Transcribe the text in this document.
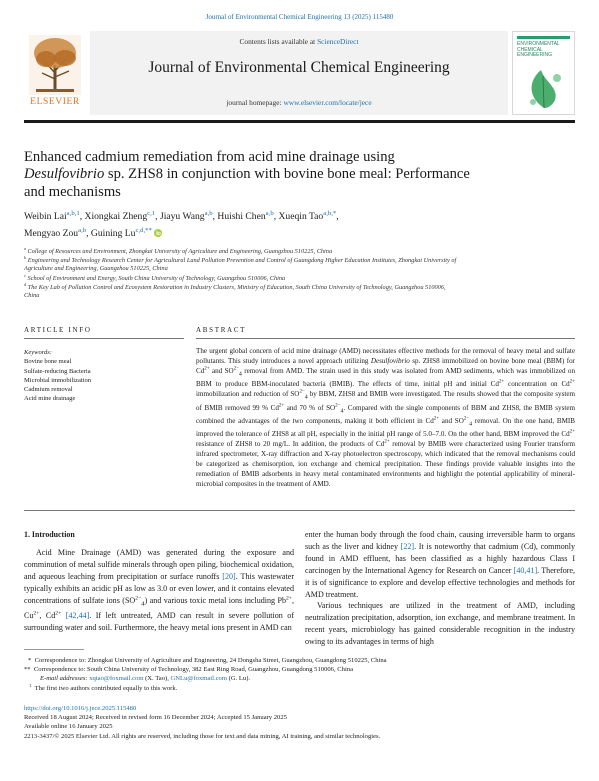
Journal of Environmental Chemical Engineering 13 (2025) 115480
ELSEVIER
Contents lists available at ScienceDirect
Journal of Environmental Chemical Engineering
journal homepage: www.elsevier.com/locate/jece
ENVIRONMENTAL
CHEMICAL
ENGINEERING
Enhanced cadmium remediation from acid mine drainage using
Desulfovibrio sp. ZHS8 in conjunction with bovine bone meal: Performance
and mechanisms
Weibin Lai$^{a,b,1}$, Xiongkai Zheng$^{c,1}$, Jiayu Wang$^{a,b}$, Huishi Chen$^{a,b}$, Xueqin Tao$^{a,b,*}$,
Mengyao Zou$^{a,b}$, Guining $Lu^{c,d,**}$
$^a$ College of Resources and Environment, Zhongkai University of Agriculture and Engineering, Guangzhou 510225, China
$^b$ Engineering and Technology Research Center for Agricultural Land Pollution Prevention and Control of Guangdong Higher Education Institutes, Zhongkai University of
Agriculture and Engineering, Guangzhou 510225, China
$^c$ School of Environment and Energy, South China University of Technology, Guangzhou 510006, China
$^d$ The Key Lab of Pollution Control and Ecosystem Restoration in Industry Clusters, Ministry of Education, South China University of Technology, Guangzhou 510006,
China
ARTICLE INFO	ABSTRACT
Keywords:
Bovine bone meal
Sulfate-reducing Bacteria
Microbial immobilization
Cadmium removal
Acid mine drainage
The urgent global concern of acid mine drainage (AMD) necessitates effective methods for the removal of heavy metal and sulfate pollutants. This study introduces a novel approach utilizing Desulfovibrio sp. ZHS8 immobilized on bovine bone meal (BBM) for $Cd^{2+}$ and $SO^{2-}_4$ removal from AMD. The strain used in this study was isolated from AMD sediments, which was immobilized on BBM to produce BBM-inoculated bacteria (BMIB). The effects of time, initial pH and initial $Cd^{2+}$ concentration on $Cd^{2+}$ immobilization and reduction of $SO^{2-}_4$ by BBM, ZHS8 and BMIB were investigated. The results showed that the composite system of BMIB removed 99 % $Cd^{2+}$ and 70 % of $SO^{2-}_4$. Compared with the single components of BBM and ZHS8, the BMIB system combined the advantages of the two components, making it both efficient in $Cd^{2+}$ and $SO^{2-}_4$ removal. On the one hand, BMIB improved the tolerance of ZHS8 at all pH, especially in the initial pH range of 5.0–7.0. On the other hand, BBM improved the $Cd^{2+}$ resistance of ZHS8 to 20 mg/L. In addition, the products of $Cd^{2+}$ removal by BMIB were characterized using Fourier transform infrared spectrometer, X-ray diffraction and X-ray photoelectron spectroscopy, which indicated that the removal mechanisms could be categorized as chemisorption, ion exchange and chemical precipitation. These findings provide valuable insights into the remediation of BMIB adsorbents in heavy metal contaminated environments and highlight the potential applicability of mineral-microbial composites in the treatment of AMD.
1. Introduction
Acid Mine Drainage (AMD) was generated during the exposure and comminution of metal sulfide minerals through open piling, biochemical oxidation, and aqueous leaching from precipitation or surface runoffs [20]. This wastewater typically exhibits an acidic pH as low as 3.0 or even lower, and it contains elevated concentrations of sulfate ions $(SO^{2-}_4)$ and various toxic metal ions including $Pb^{2+}$, $Cu^{2+}$, $Cd^{2+}$ [42,44]. If left untreated, AMD can result in severe pollution of surrounding water and soil. Furthermore, the heavy metal ions present in AMD can
enter the human body through the food chain, causing irreversible harm to organs such as the liver and kidney [22]. It is noteworthy that cadmium (Cd), commonly found in AMD effluent, has been classified as a highly hazardous Class I carcinogen by the International Agency for Research on Cancer [40,41]. Therefore, it is of significance to explore and develop effective technologies and methods for AMD treatment.
Various techniques are utilized in the treatment of AMD, including neutralization precipitation, adsorption, ion exchange, and membrane treatment. In recent years, microbiology has gained considerable recognition in the industry owing to its advantages in terms of high
* Correspondence to: Zhongkai University of Agriculture and Engineering, 24 Dongsha Street, Guangzhou, Guangdong 510225, China
** Correspondence to: South China University of Technology, 382 East Ring Road, Guangzhou, Guangdong 510006, China
E-mail addresses: xqtao@foxmail.com (X. Tao), GNLu@foxmail.com (G. Lu).
$^1$ The first two authors contributed equally to this work.
https://doi.org/10.1016/j.jece.2025.115480
Received 18 August 2024; Received in revised form 16 December 2024; Accepted 15 January 2025
Available online 16 January 2025
2213-3437/© 2025 Elsevier Ltd. All rights are reserved, including those for text and data mining, AI training, and similar technologies.
